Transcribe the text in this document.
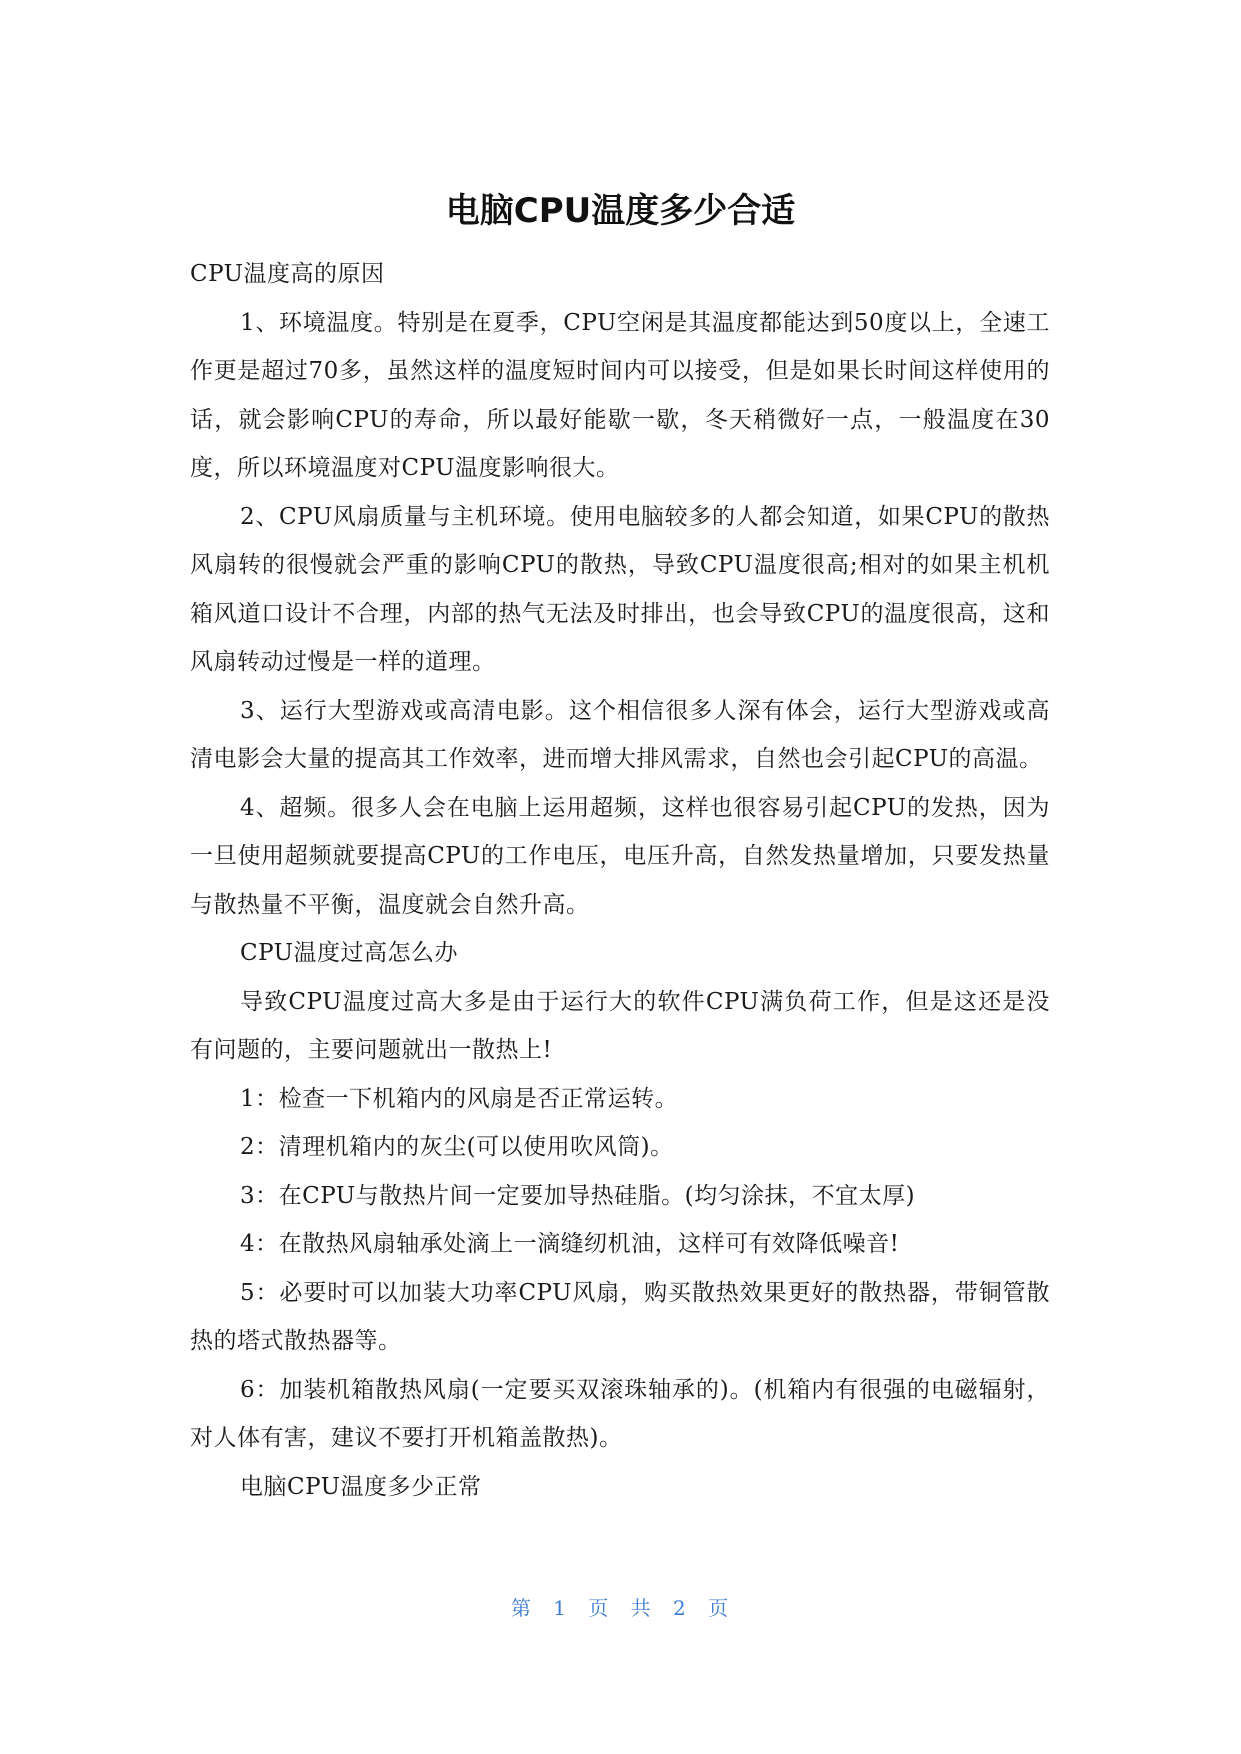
电脑CPU温度多少合适

CPU温度高的原因

1、环境温度。特别是在夏季，CPU空闲是其温度都能达到50度以上，全速工作更是超过70多，虽然这样的温度短时间内可以接受，但是如果长时间这样使用的话，就会影响CPU的寿命，所以最好能歇一歇，冬天稍微好一点，一般温度在30度，所以环境温度对CPU温度影响很大。

2、CPU风扇质量与主机环境。使用电脑较多的人都会知道，如果CPU的散热风扇转的很慢就会严重的影响CPU的散热，导致CPU温度很高;相对的如果主机机箱风道口设计不合理，内部的热气无法及时排出，也会导致CPU的温度很高，这和风扇转动过慢是一样的道理。

3、运行大型游戏或高清电影。这个相信很多人深有体会，运行大型游戏或高清电影会大量的提高其工作效率，进而增大排风需求，自然也会引起CPU的高温。

4、超频。很多人会在电脑上运用超频，这样也很容易引起CPU的发热，因为一旦使用超频就要提高CPU的工作电压，电压升高，自然发热量增加，只要发热量与散热量不平衡，温度就会自然升高。

CPU温度过高怎么办

导致CPU温度过高大多是由于运行大的软件CPU满负荷工作，但是这还是没有问题的，主要问题就出一散热上!

1：检查一下机箱内的风扇是否正常运转。

2：清理机箱内的灰尘(可以使用吹风筒)。

3：在CPU与散热片间一定要加导热硅脂。(均匀涂抹，不宜太厚)

4：在散热风扇轴承处滴上一滴缝纫机油，这样可有效降低噪音!

5：必要时可以加装大功率CPU风扇，购买散热效果更好的散热器，带铜管散热的塔式散热器等。

6：加装机箱散热风扇(一定要买双滚珠轴承的)。(机箱内有很强的电磁辐射，对人体有害，建议不要打开机箱盖散热)。

电脑CPU温度多少正常

第 1 页 共 2 页
